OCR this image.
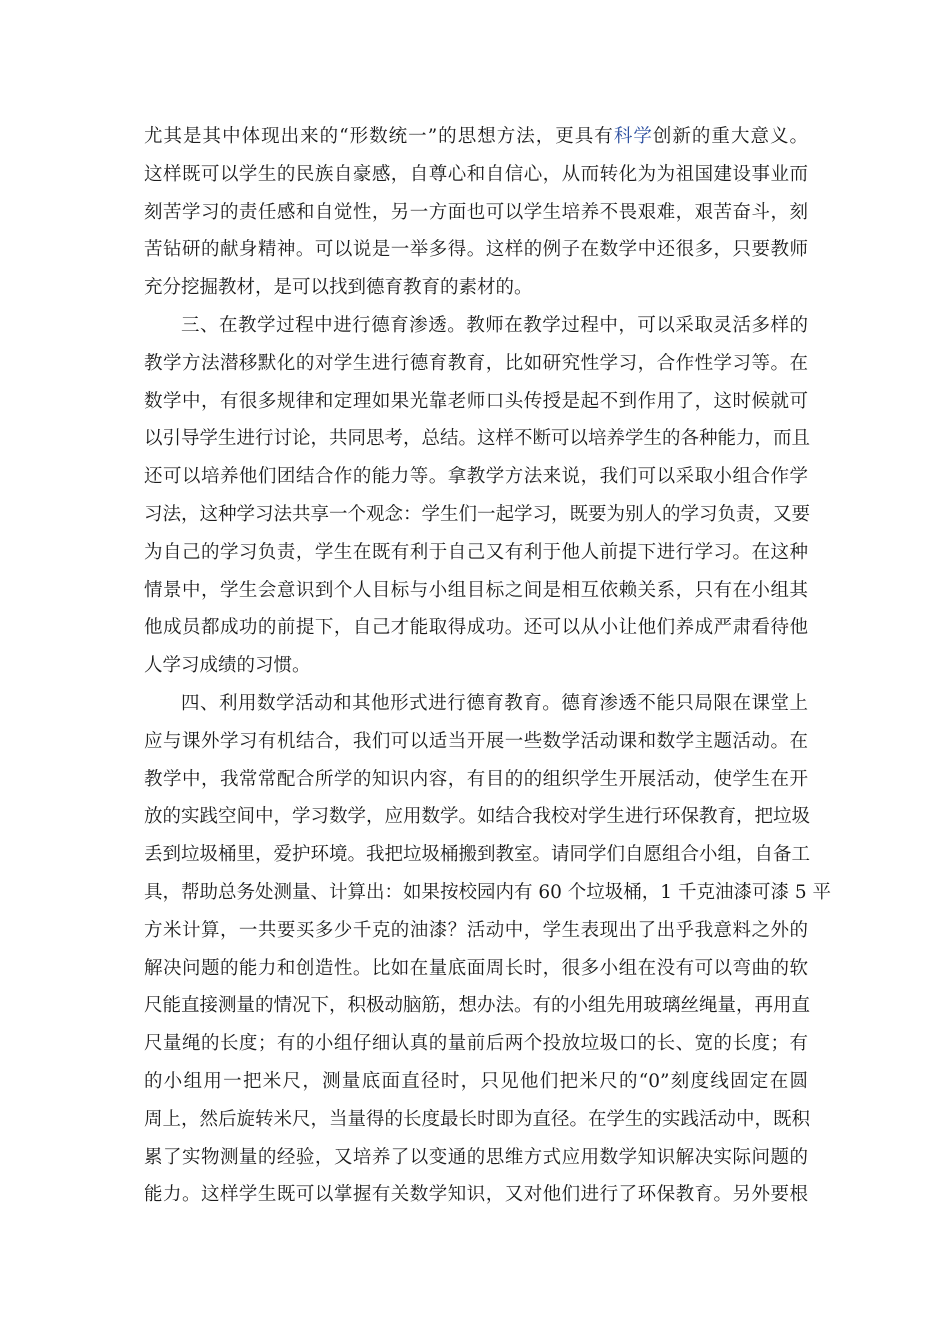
尤其是其中体现出来的“形数统一”的思想方法，更具有科学创新的重大意义。
这样既可以学生的民族自豪感，自尊心和自信心，从而转化为为祖国建设事业而
刻苦学习的责任感和自觉性，另一方面也可以学生培养不畏艰难，艰苦奋斗，刻
苦钻研的献身精神。可以说是一举多得。这样的例子在数学中还很多，只要教师
充分挖掘教材，是可以找到德育教育的素材的。
三、在教学过程中进行德育渗透。教师在教学过程中，可以采取灵活多样的
教学方法潜移默化的对学生进行德育教育，比如研究性学习，合作性学习等。在
数学中，有很多规律和定理如果光靠老师口头传授是起不到作用了，这时候就可
以引导学生进行讨论，共同思考，总结。这样不断可以培养学生的各种能力，而且
还可以培养他们团结合作的能力等。拿教学方法来说，我们可以采取小组合作学
习法，这种学习法共享一个观念：学生们一起学习，既要为别人的学习负责，又要
为自己的学习负责，学生在既有利于自己又有利于他人前提下进行学习。在这种
情景中，学生会意识到个人目标与小组目标之间是相互依赖关系，只有在小组其
他成员都成功的前提下，自己才能取得成功。还可以从小让他们养成严肃看待他
人学习成绩的习惯。
四、利用数学活动和其他形式进行德育教育。德育渗透不能只局限在课堂上
应与课外学习有机结合，我们可以适当开展一些数学活动课和数学主题活动。在
教学中，我常常配合所学的知识内容，有目的的组织学生开展活动，使学生在开
放的实践空间中，学习数学，应用数学。如结合我校对学生进行环保教育，把垃圾
丢到垃圾桶里，爱护环境。我把垃圾桶搬到教室。请同学们自愿组合小组，自备工
具，帮助总务处测量、计算出：如果按校园内有 60 个垃圾桶，1 千克油漆可漆 5 平
方米计算，一共要买多少千克的油漆？活动中，学生表现出了出乎我意料之外的
解决问题的能力和创造性。比如在量底面周长时，很多小组在没有可以弯曲的软
尺能直接测量的情况下，积极动脑筋，想办法。有的小组先用玻璃丝绳量，再用直
尺量绳的长度；有的小组仔细认真的量前后两个投放垃圾口的长、宽的长度；有
的小组用一把米尺，测量底面直径时，只见他们把米尺的“0”刻度线固定在圆
周上，然后旋转米尺，当量得的长度最长时即为直径。在学生的实践活动中，既积
累了实物测量的经验，又培养了以变通的思维方式应用数学知识解决实际问题的
能力。这样学生既可以掌握有关数学知识，又对他们进行了环保教育。另外要根
